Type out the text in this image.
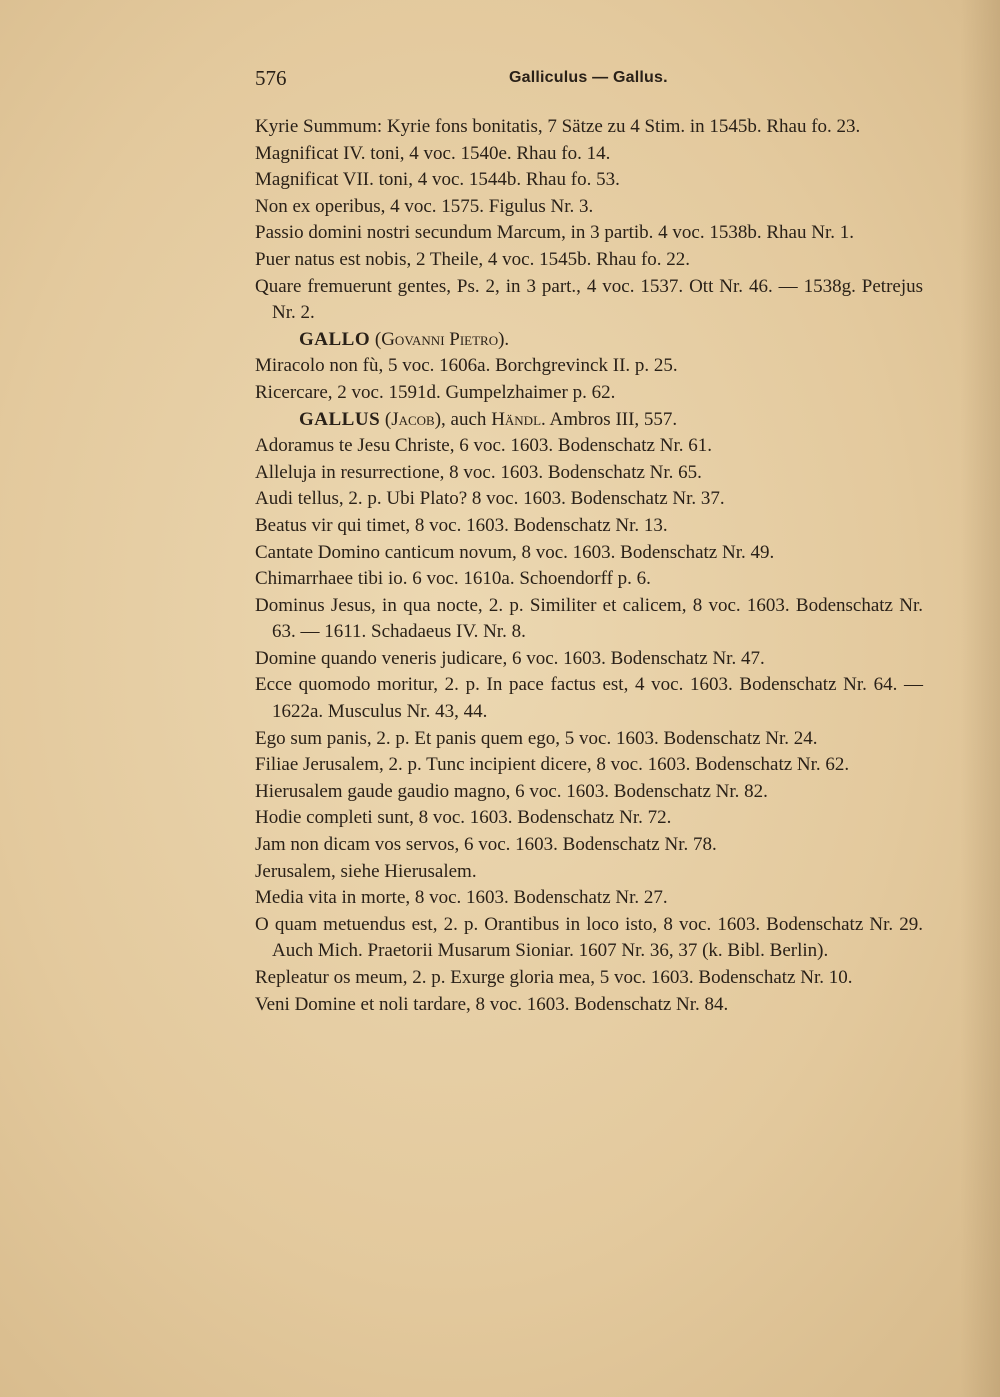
576	Galliculus — Gallus.

Kyrie Summum: Kyrie fons bonitatis, 7 Sätze zu 4 Stim. in 1545b. Rhau fo. 23.

Magnificat IV. toni, 4 voc. 1540e. Rhau fo. 14.

Magnificat VII. toni, 4 voc. 1544b. Rhau fo. 53.

Non ex operibus, 4 voc. 1575. Figulus Nr. 3.

Passio domini nostri secundum Marcum, in 3 partib. 4 voc. 1538b. Rhau Nr. 1.

Puer natus est nobis, 2 Theile, 4 voc. 1545b. Rhau fo. 22.

Quare fremuerunt gentes, Ps. 2, in 3 part., 4 voc. 1537. Ott Nr. 46. — 1538g. Petrejus Nr. 2.

GALLO (Govanni Pietro).

Miracolo non fù, 5 voc. 1606a. Borchgrevinck II. p. 25.

Ricercare, 2 voc. 1591d. Gumpelzhaimer p. 62.

GALLUS (Jacob), auch Händl. Ambros III, 557.

Adoramus te Jesu Christe, 6 voc. 1603. Bodenschatz Nr. 61.

Alleluja in resurrectione, 8 voc. 1603. Bodenschatz Nr. 65.

Audi tellus, 2. p. Ubi Plato? 8 voc. 1603. Bodenschatz Nr. 37.

Beatus vir qui timet, 8 voc. 1603. Bodenschatz Nr. 13.

Cantate Domino canticum novum, 8 voc. 1603. Bodenschatz Nr. 49.

Chimarrhaee tibi io. 6 voc. 1610a. Schoendorff p. 6.

Dominus Jesus, in qua nocte, 2. p. Similiter et calicem, 8 voc. 1603. Bodenschatz Nr. 63. — 1611. Schadaeus IV. Nr. 8.

Domine quando veneris judicare, 6 voc. 1603. Bodenschatz Nr. 47.

Ecce quomodo moritur, 2. p. In pace factus est, 4 voc. 1603. Bodenschatz Nr. 64. — 1622a. Musculus Nr. 43, 44.

Ego sum panis, 2. p. Et panis quem ego, 5 voc. 1603. Bodenschatz Nr. 24.

Filiae Jerusalem, 2. p. Tunc incipient dicere, 8 voc. 1603. Bodenschatz Nr. 62.

Hierusalem gaude gaudio magno, 6 voc. 1603. Bodenschatz Nr. 82.

Hodie completi sunt, 8 voc. 1603. Bodenschatz Nr. 72.

Jam non dicam vos servos, 6 voc. 1603. Bodenschatz Nr. 78.

Jerusalem, siehe Hierusalem.

Media vita in morte, 8 voc. 1603. Bodenschatz Nr. 27.

O quam metuendus est, 2. p. Orantibus in loco isto, 8 voc. 1603. Bodenschatz Nr. 29. Auch Mich. Praetorii Musarum Sioniar. 1607 Nr. 36, 37 (k. Bibl. Berlin).

Repleatur os meum, 2. p. Exurge gloria mea, 5 voc. 1603. Bodenschatz Nr. 10.

Veni Domine et noli tardare, 8 voc. 1603. Bodenschatz Nr. 84.
